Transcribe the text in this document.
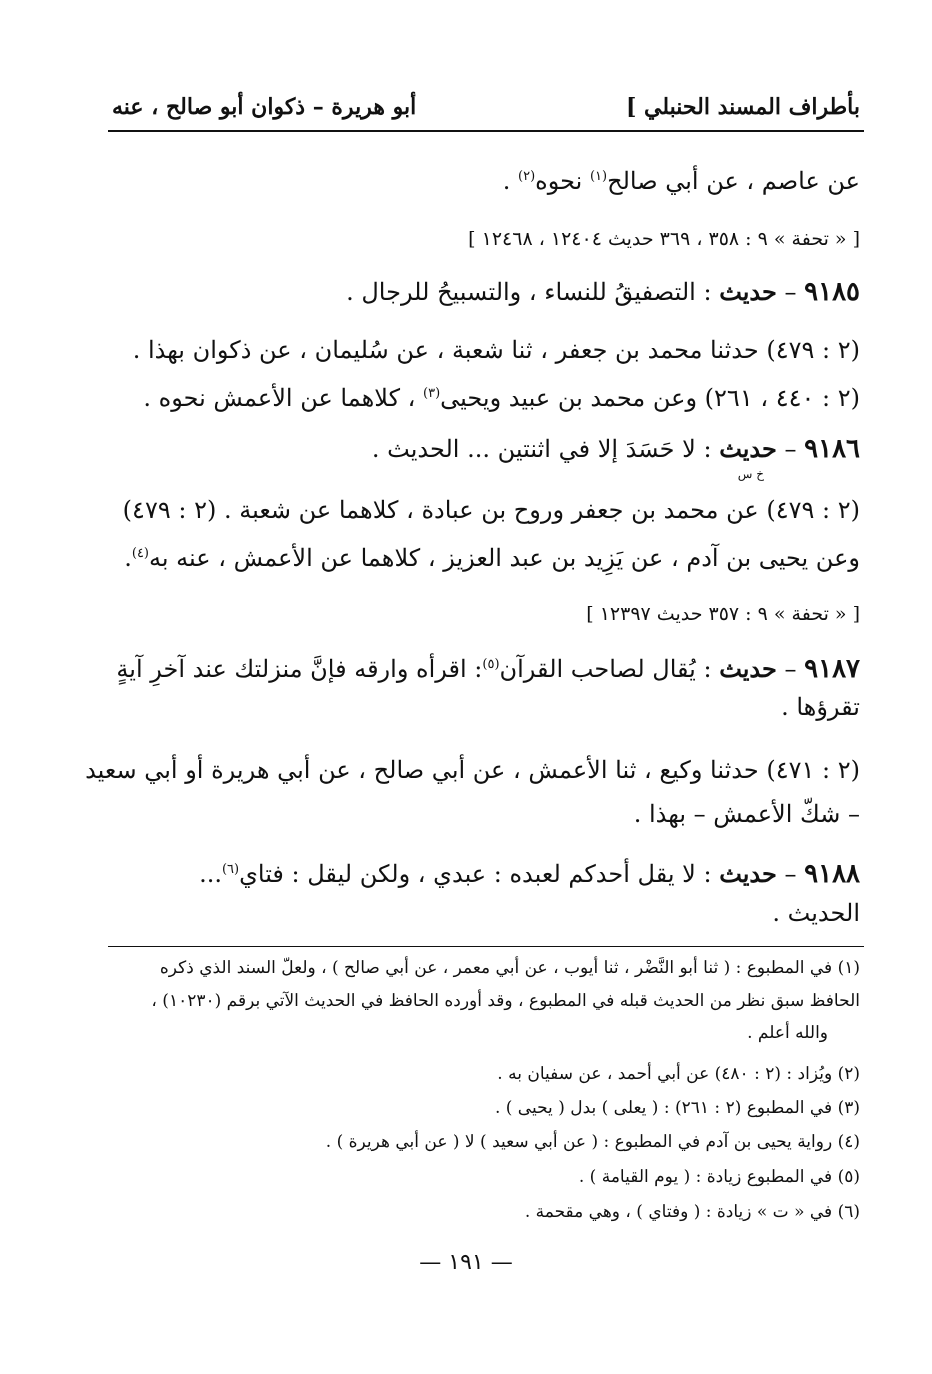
بأطراف المسند الحنبلي ]
أبو هريرة – ذكوان أبو صالح ، عنه
عن عاصم ، عن أبي صالح$^{(١)}$ نحوه$^{(٢)}$ .
[ « تحفة » ٩ : ٣٥٨ ، ٣٦٩ حديث ١٢٤٠٤ ، ١٢٤٦٨ ]
٩١٨٥ – حديث : التصفيقُ للنساء ، والتسبيحُ للرجال .
(٢ : ٤٧٩) حدثنا محمد بن جعفر ، ثنا شعبة ، عن سُليمان ، عن ذكوان بهذا .
(٢ : ٤٤٠ ، ٢٦١) وعن محمد بن عبيد ويحيى$^{(٣)}$ ، كلاهما عن الأعمش نحوه .
٩١٨٦ – حديث : لا حَسَدَ إلا في اثنتين ... الحديث .
خ س
(٢ : ٤٧٩) عن محمد بن جعفر وروح بن عبادة ، كلاهما عن شعبة . (٢ : ٤٧٩)
وعن يحيى بن آدم ، عن يَزِيد بن عبد العزيز ، كلاهما عن الأعمش ، عنه به$^{(٤)}$.
[ « تحفة » ٩ : ٣٥٧ حديث ١٢٣٩٧ ]
٩١٨٧ – حديث : يُقال لصاحب القرآن$^{(٥)}$: اقرأه وارقه فإنَّ منزلتك عند آخرِ آيةٍ
تقرؤها .
(٢ : ٤٧١) حدثنا وكيع ، ثنا الأعمش ، عن أبي صالح ، عن أبي هريرة أو أبي سعيد
– شكّ الأعمش – بهذا .
٩١٨٨ – حديث : لا يقل أحدكم لعبده : عبدي ، ولكن ليقل : فتاي$^{(٦)}$...
الحديث .
(١) في المطبوع : ( ثنا أبو النَّضْر ، ثنا أيوب ، عن أبي معمر ، عن أبي صالح ) ، ولعلّ السند الذي ذكره
الحافظ سبق نظر من الحديث قبله في المطبوع ، وقد أورده الحافظ في الحديث الآتي برقم (١٠٢٣٠) ،
والله أعلم .
(٢) ويُزاد : (٢ : ٤٨٠) عن أبي أحمد ، عن سفيان به .
(٣) في المطبوع (٢ : ٢٦١) : ( يعلى ) بدل ( يحيى ) .
(٤) رواية يحيى بن آدم في المطبوع : ( عن أبي سعيد ) لا ( عن أبي هريرة ) .
(٥) في المطبوع زيادة : ( يوم القيامة ) .
(٦) في « ت » زيادة : ( وفتاي ) ، وهي مقحمة .
— ١٩١ —
